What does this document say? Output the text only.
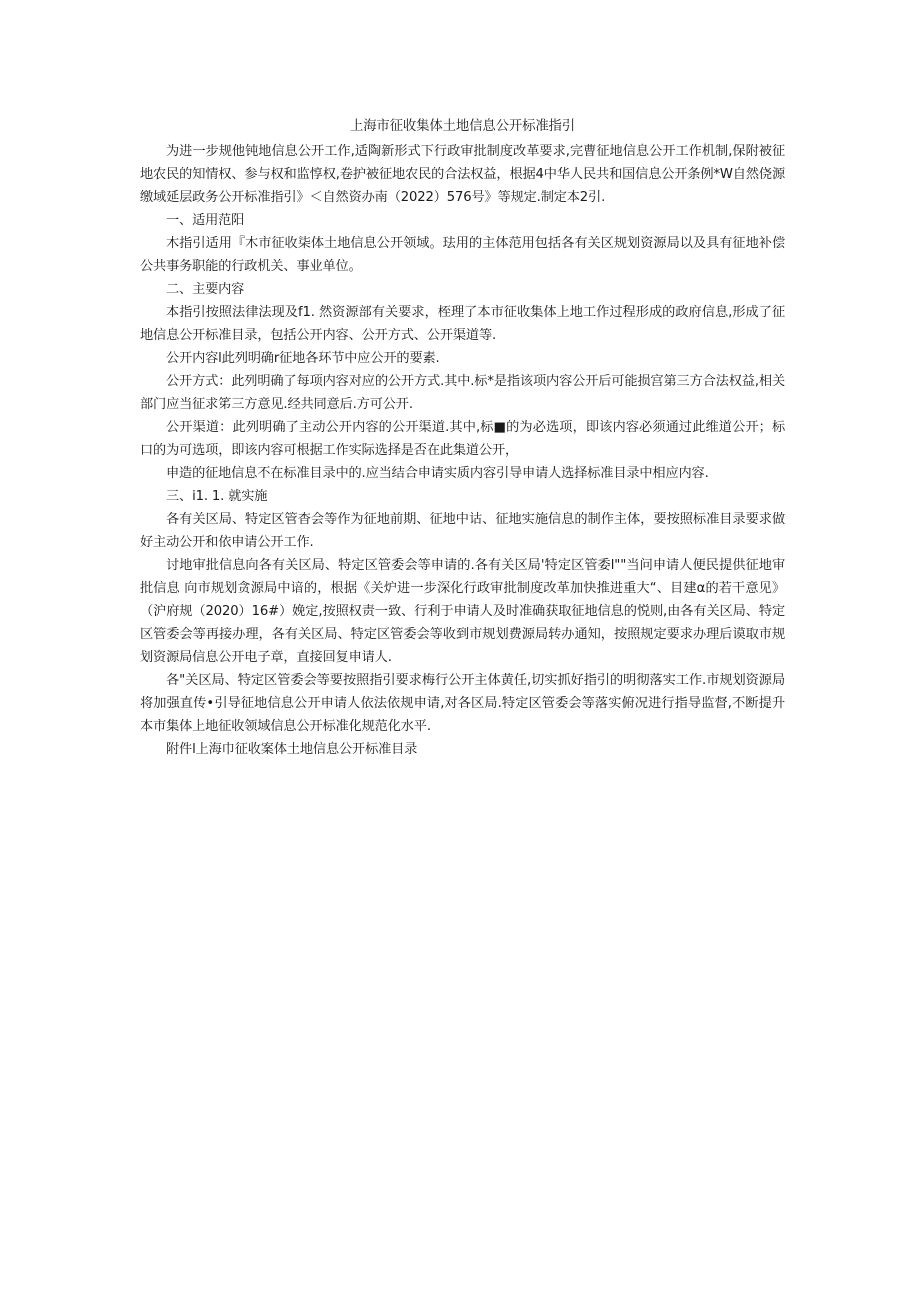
上海市征收集体土地信息公开标准指引

为进一步规他钝地信息公开工作,适陶新形式下行政审批制度改革要求,完曹征地信息公开工作机制,保附被征地农民的知情权、参与权和监惇权,卷护被征地农民的合法权益，根据4中华人民共和国信息公开条例*W自然侥源缴域延层政务公开标准指引》＜自然资办南（2022）576号》等规定.制定本2引.

一、适用范阳

木指引适用『木市征收柒体土地信息公开领域。珐用的主体范用包括各有关区规划资源局以及具有征地补偿公共事务职能的行政机关、事业单位。

二、主要内容

本指引按照法律法现及f1. 然资源部有关要求，桎理了本市征收集体上地工作过程形成的政府信息,形成了征地信息公开标准目录，包括公开内容、公开方式、公开渠道等.

公开内容l此列明确r征地各环节中应公开的要素.

公开方式：此列明确了每项内容对应的公开方式.其中.标*是指该项内容公开后可能损宫第三方合法权益,相关部门应当征求笫三方意见.经共同意后.方可公开.

公开渠道：此列明确了主动公开内容的公开渠道.其中,标■的为必选项，即该内容必须通过此维道公开；标口的为可选项，即该内容可根据工作实际选择是否在此集道公开，

申造的征地信息不在标准目录中的.应当结合申请实质内容引导申请人选择标准目录中相应内容.

三、i1. 1. 就实施

各有关区局、特定区管杳会等作为征地前期、征地中诂、征地实施信息的制作主体，要按照标准目录要求做好主动公开和依申请公开工作.

讨地审批信息向各有关区局、特定区管委会等申请的.各有关区局'特定区管委l""当问申请人便民提供征地审批信息 向市规划贪源局中谙的，根据《关炉进一步深化行政审批制度改革加快推进重大“、目建α的若干意见》（沪府规（2020）16#）娩定,按照权责一致、行利于申请人及时准确获取征地信息的悦则,由各有关区局、特定区管委会等再接办理，各有关区局、特定区管委会等收到市规划费源局转办通知，按照规定要求办理后谟取市规划资源局信息公开电子章，直接回复申请人.

各"关区局、特定区管委会等要按照指引要求梅行公开主体黄任,切实抓好指引的明彻落实工作.市规划资源局将加强直传•引导征地信息公开申请人依法依规申请,对各区局.特定区管委会等落实俯况进行指导监督,不断提升本市集体上地征收领域信息公开标准化规范化水平.

附件l上海巾征收案体土地信息公开标准目录
